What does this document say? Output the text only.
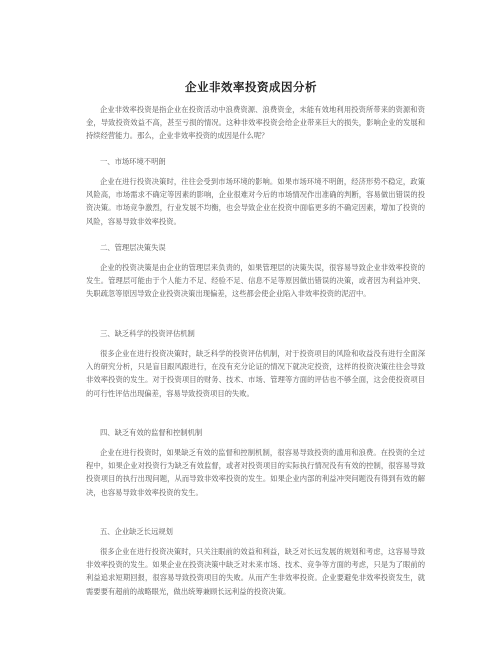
企业非效率投资成因分析

企业非效率投资是指企业在投资活动中浪费资源、浪费资金，未能有效地利用投资所带来的资源和资金，导致投资效益不高，甚至亏损的情况。这种非效率投资会给企业带来巨大的损失，影响企业的发展和持续经营能力。那么，企业非效率投资的成因是什么呢？

一、市场环境不明朗

企业在进行投资决策时，往往会受到市场环境的影响。如果市场环境不明朗，经济形势不稳定，政策风险高，市场需求不确定等因素的影响，企业很难对今后的市场情况作出准确的判断，容易做出错误的投资决策。市场竞争激烈，行业发展不均衡，也会导致企业在投资中面临更多的不确定因素，增加了投资的风险，容易导致非效率投资。

二、管理层决策失误

企业的投资决策是由企业的管理层来负责的，如果管理层的决策失误，很容易导致企业非效率投资的发生。管理层可能由于个人能力不足、经验不足、信息不足等原因做出错误的决策，或者因为利益冲突、失职疏忽等原因导致企业投资决策出现偏差，这些都会使企业陷入非效率投资的泥沼中。

三、缺乏科学的投资评估机制

很多企业在进行投资决策时，缺乏科学的投资评估机制，对于投资项目的风险和收益没有进行全面深入的研究分析，只是盲目跟风跟进行，在没有充分论证的情况下就决定投资，这样的投资决策往往会导致非效率投资的发生。对于投资项目的财务、技术、市场、管理等方面的评估也不够全面，这会使投资项目的可行性评估出现偏差，容易导致投资项目的失败。

四、缺乏有效的监督和控制机制

企业在进行投资时，如果缺乏有效的监督和控制机制，很容易导致投资的滥用和浪费。在投资的全过程中，如果企业对投资行为缺乏有效监督，或者对投资项目的实际执行情况没有有效的控制，很容易导致投资项目的执行出现问题，从而导致非效率投资的发生。如果企业内部的利益冲突问题没有得到有效的解决，也容易导致非效率投资的发生。

五、企业缺乏长远规划

很多企业在进行投资决策时，只关注眼前的效益和利益，缺乏对长远发展的规划和考虑，这容易导致非效率投资的发生。如果企业在投资决策中缺乏对未来市场、技术、竞争等方面的考虑，只是为了眼前的利益追求短期回报，很容易导致投资项目的失败。从而产生非效率投资。企业要避免非效率投资发生，就需要要有超前的战略眼光，做出统筹兼顾长远利益的投资决策。
